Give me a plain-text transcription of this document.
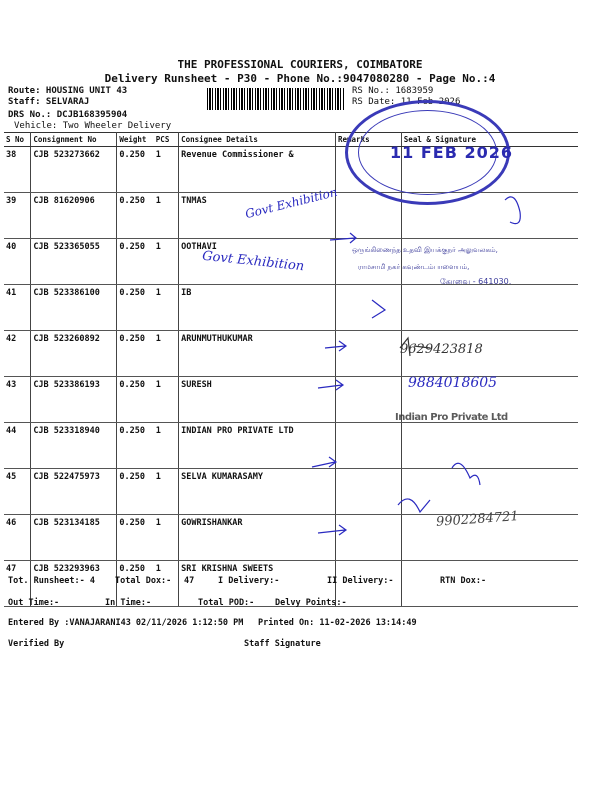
THE PROFESSIONAL COURIERS, COIMBATORE
Delivery Runsheet - P30 - Phone No.:9047080280 - Page No.:4
Route: HOUSING UNIT 43
Staff: SELVARAJ
DRS No.: DCJB168395904
Vehicle: Two Wheeler Delivery
RS No.: 1683959
RS Date: 11-Feb-2026
S No	Consignment No	Weight	PCS	Consignee Details	Remarks	Seal & Signature
38	CJB 523273662	0.250	1	Revenue Commissioner &		
39	CJB 81620906	0.250	1	TNMAS		
40	CJB 523365055	0.250	1	OOTHAVI		
41	CJB 523386100	0.250	1	IB		
42	CJB 523260892	0.250	1	ARUNMUTHUKUMAR		
43	CJB 523386193	0.250	1	SURESH		
44	CJB 523318940	0.250	1	INDIAN PRO PRIVATE LTD		
45	CJB 522475973	0.250	1	SELVA KUMARASAMY		
46	CJB 523134185	0.250	1	GOWRISHANKAR		
47	CJB 523293963	0.250	1	SRI KRISHNA SWEETS		
11 FEB 2026
ஒருங்கிணைந்த உதவி இயக்குநர் அலுவலகம்,
ராமசாமி நகர் கவுண்டம்பாளையம்,
கோவை - 641030.
Govt Exhibition
Govt Exhibition
9629423818
9884018605
Indian Pro Private Ltd
9902284721
Tot. Runsheet:- 4 Total Dox:- 47	I Delivery:-	II Delivery:-	RTN Dox:-
Out Time:-	In Time:-	Total POD:- Delvy Points:-
Entered By :VANAJARANI43 02/11/2026 1:12:50 PM Printed On: 11-02-2026 13:14:49
Verified By	Staff Signature
